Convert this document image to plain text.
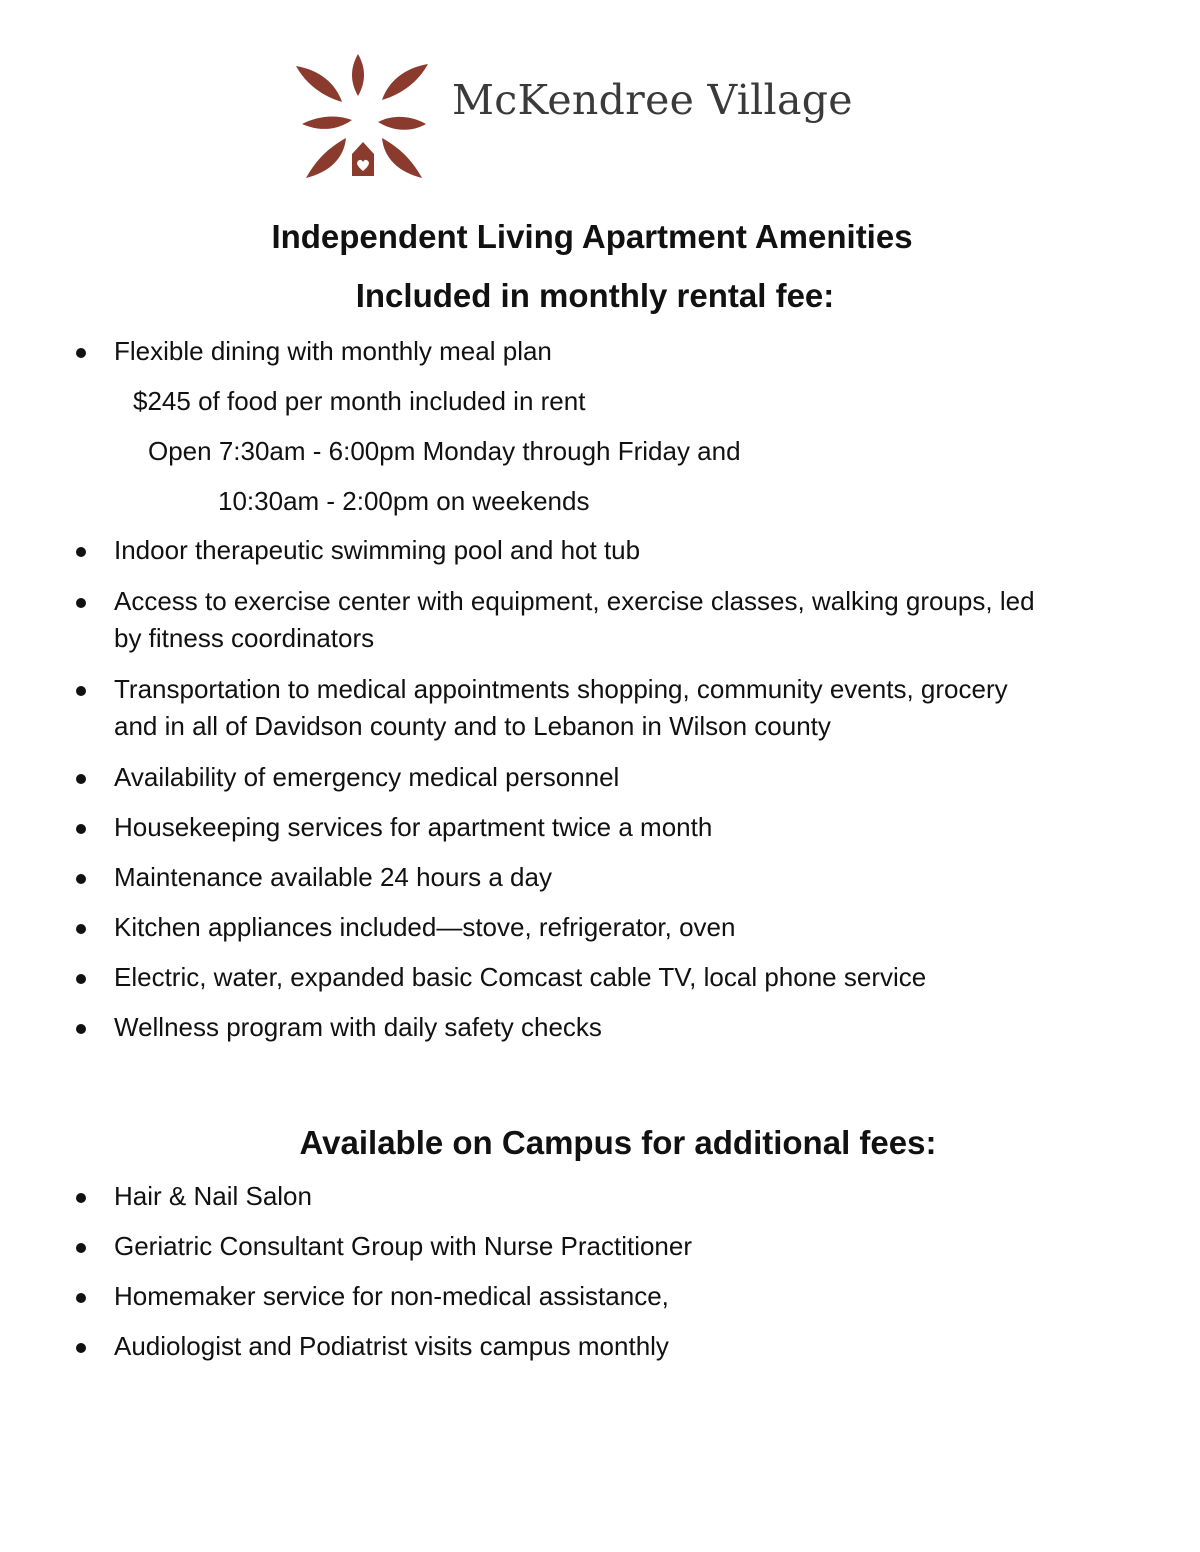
McKendree Village
Independent Living Apartment Amenities
Included in monthly rental fee:
Flexible dining with monthly meal plan
$245 of food per month included in rent
Open 7:30am - 6:00pm Monday through Friday and
10:30am - 2:00pm on weekends
Indoor therapeutic swimming pool and hot tub
Access to exercise center with equipment, exercise classes, walking groups, led
by fitness coordinators
Transportation to medical appointments shopping, community events, grocery
and in all of Davidson county and to Lebanon in Wilson county
Availability of emergency medical personnel
Housekeeping services for apartment twice a month
Maintenance available 24 hours a day
Kitchen appliances included—stove, refrigerator, oven
Electric, water, expanded basic Comcast cable TV, local phone service
Wellness program with daily safety checks
Available on Campus for additional fees:
Hair & Nail Salon
Geriatric Consultant Group with Nurse Practitioner
Homemaker service for non-medical assistance,
Audiologist and Podiatrist visits campus monthly
